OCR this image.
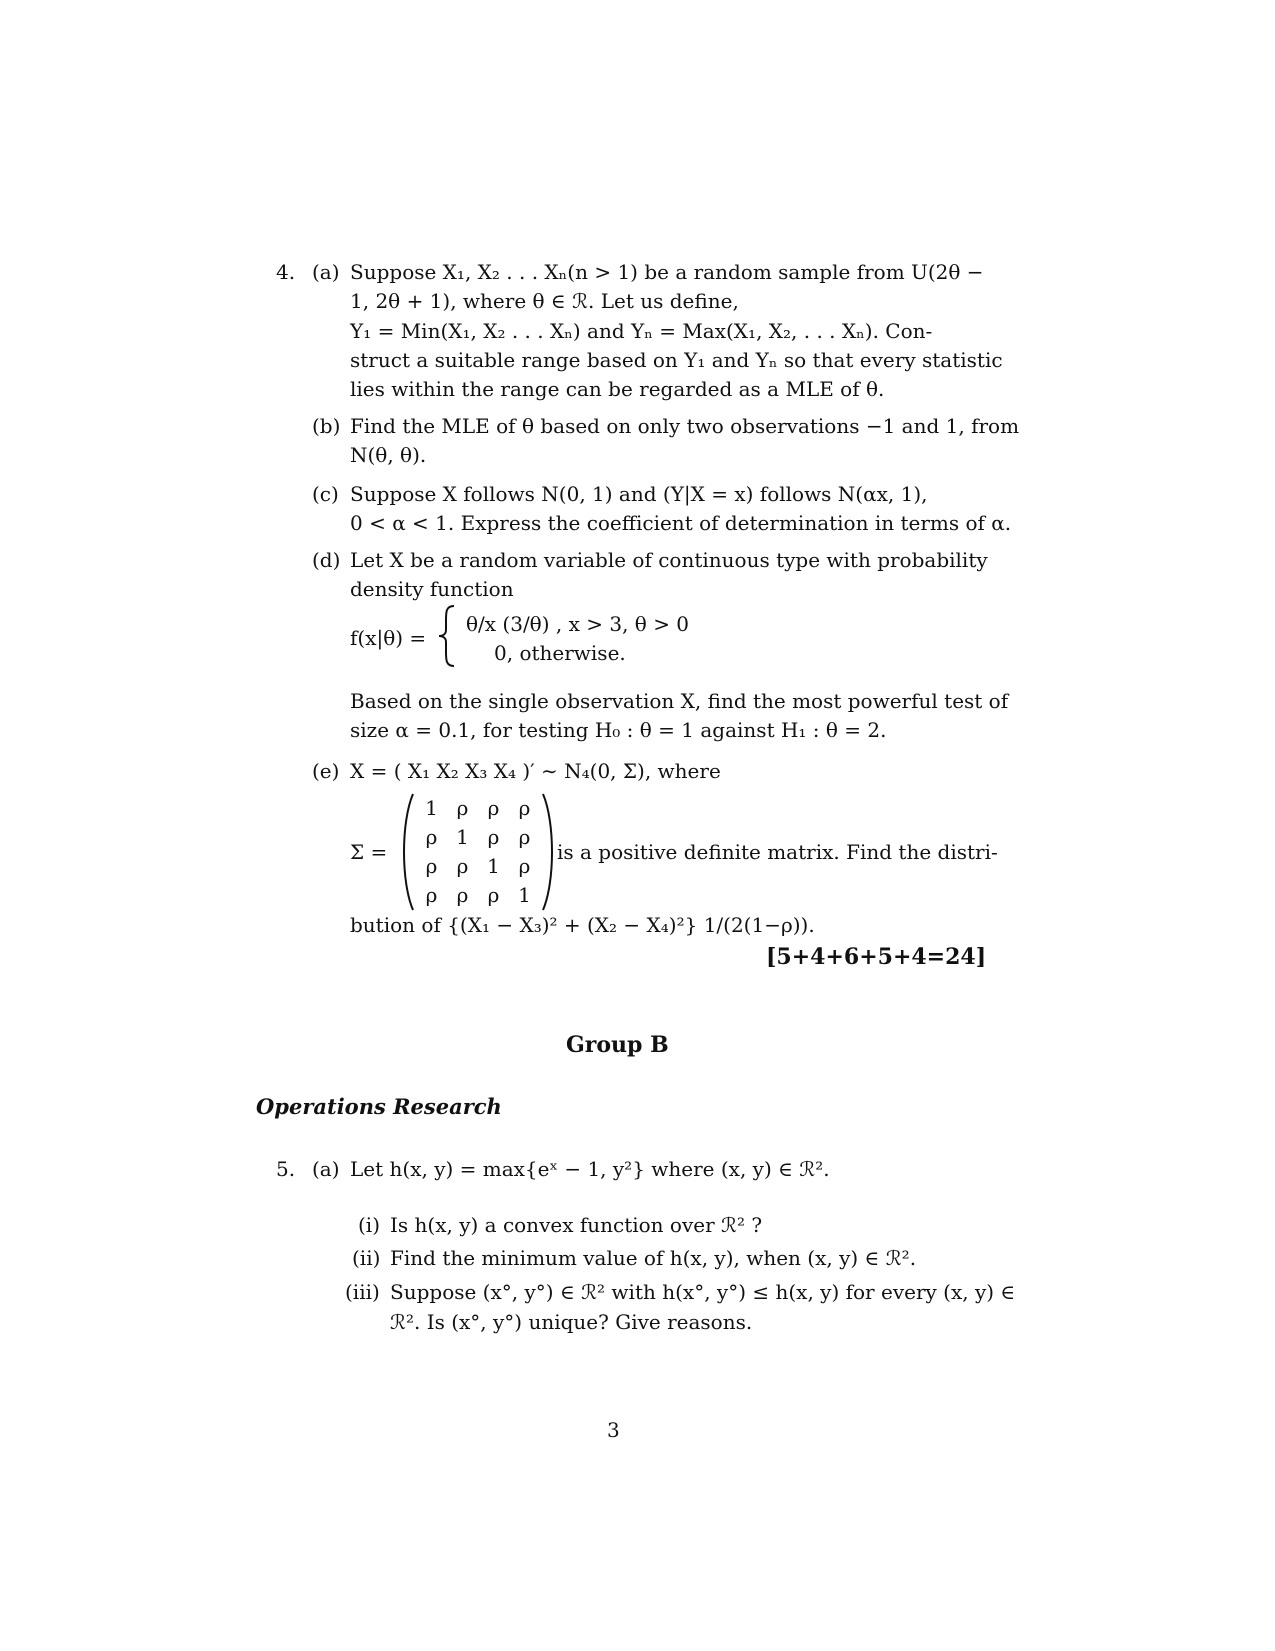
4. (a) Suppose X₁, X₂ . . . Xₙ(n > 1) be a random sample from U(2θ −
1, 2θ + 1), where θ ∈ ℛ. Let us define,
Y₁ = Min(X₁, X₂ . . . Xₙ) and Yₙ = Max(X₁, X₂, . . . Xₙ). Con-
struct a suitable range based on Y₁ and Yₙ so that every statistic
lies within the range can be regarded as a MLE of θ.
(b) Find the MLE of θ based on only two observations −1 and 1, from
N(θ, θ).
(c) Suppose X follows N(0, 1) and (Y|X = x) follows N(αx, 1),
0 < α < 1. Express the coefficient of determination in terms of α.
(d) Let X be a random variable of continuous type with probability
density function
f(x|θ) =
θ/x (3/θ) , x > 3, θ > 0
0, otherwise.
Based on the single observation X, find the most powerful test of
size α = 0.1, for testing H₀ : θ = 1 against H₁ : θ = 2.
(e) X = ( X₁ X₂ X₃ X₄ )′ ∼ N₄(0, Σ), where
Σ =
1 ρ ρ ρ
ρ 1 ρ ρ
ρ ρ 1 ρ
ρ ρ ρ 1
is a positive definite matrix. Find the distri-
bution of {(X₁ − X₃)² + (X₂ − X₄)²} 1/(2(1−ρ)).
[5+4+6+5+4=24]
Group B
Operations Research
5. (a) Let h(x, y) = max{eˣ − 1, y²} where (x, y) ∈ ℛ².
(i) Is h(x, y) a convex function over ℛ² ?
(ii) Find the minimum value of h(x, y), when (x, y) ∈ ℛ².
(iii) Suppose (x°, y°) ∈ ℛ² with h(x°, y°) ≤ h(x, y) for every (x, y) ∈
ℛ². Is (x°, y°) unique? Give reasons.
3
